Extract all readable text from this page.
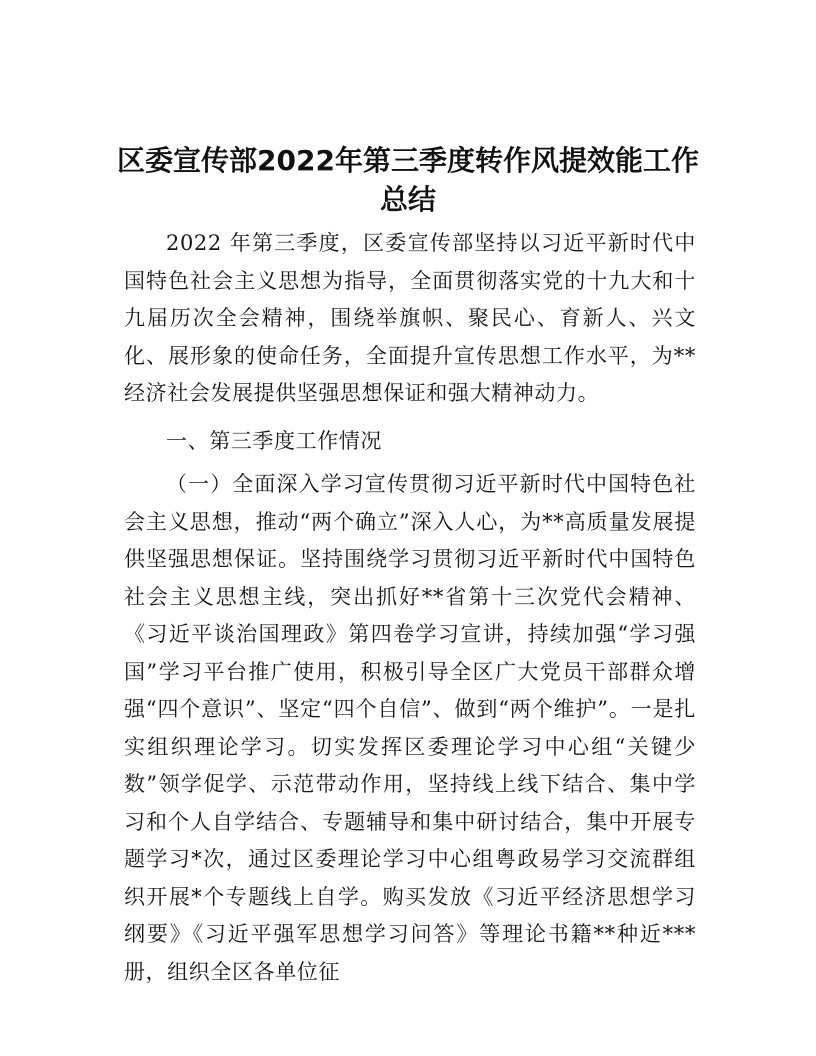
区委宣传部2022年第三季度转作风提效能工作
总结

2022 年第三季度，区委宣传部坚持以习近平新时代中国特色社会主义思想为指导，全面贯彻落实党的十九大和十九届历次全会精神，围绕举旗帜、聚民心、育新人、兴文化、展形象的使命任务，全面提升宣传思想工作水平，为**经济社会发展提供坚强思想保证和强大精神动力。

一、第三季度工作情况

（一）全面深入学习宣传贯彻习近平新时代中国特色社会主义思想，推动“两个确立”深入人心，为**高质量发展提供坚强思想保证。坚持围绕学习贯彻习近平新时代中国特色社会主义思想主线，突出抓好**省第十三次党代会精神、《习近平谈治国理政》第四卷学习宣讲，持续加强“学习强国”学习平台推广使用，积极引导全区广大党员干部群众增强“四个意识”、坚定“四个自信”、做到“两个维护”。一是扎实组织理论学习。切实发挥区委理论学习中心组“关键少数”领学促学、示范带动作用，坚持线上线下结合、集中学习和个人自学结合、专题辅导和集中研讨结合，集中开展专题学习*次，通过区委理论学习中心组粤政易学习交流群组织开展*个专题线上自学。购买发放《习近平经济思想学习纲要》《习近平强军思想学习问答》等理论书籍**种近***册，组织全区各单位征
